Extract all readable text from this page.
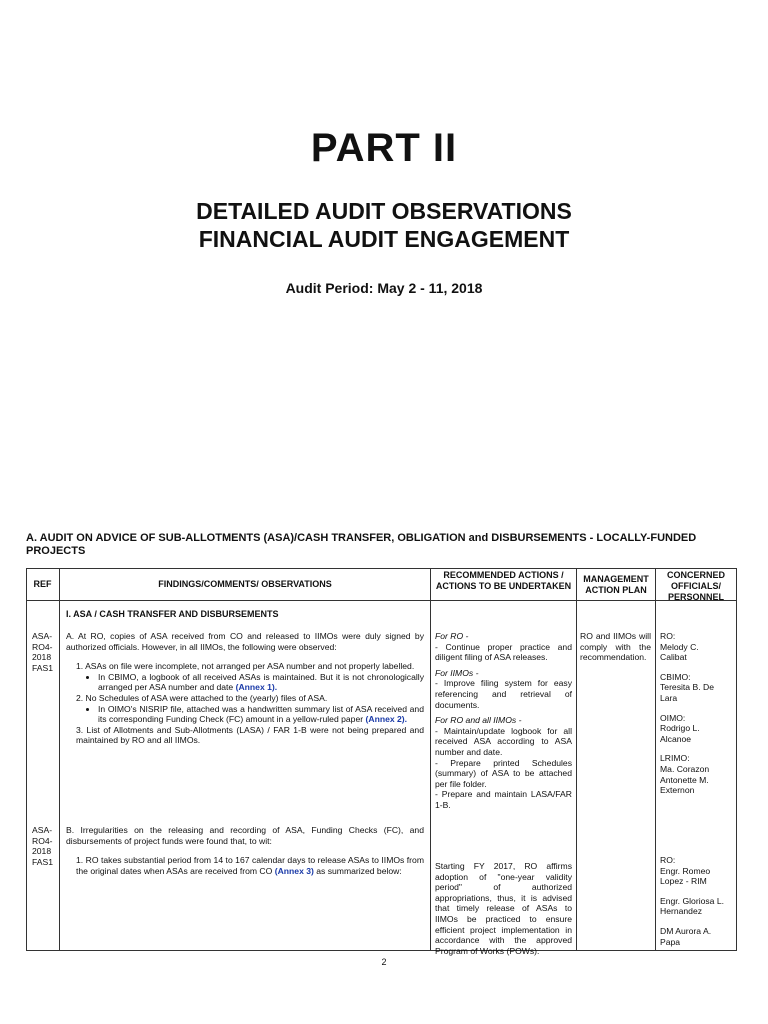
PART II
DETAILED AUDIT OBSERVATIONS
FINANCIAL AUDIT ENGAGEMENT
Audit Period: May 2 - 11, 2018
A. AUDIT ON ADVICE OF SUB-ALLOTMENTS (ASA)/CASH TRANSFER, OBLIGATION and DISBURSEMENTS - LOCALLY-FUNDED PROJECTS
REF	FINDINGS/COMMENTS/ OBSERVATIONS
RECOMMENDED ACTIONS / ACTIONS TO BE UNDERTAKEN
MANAGEMENT ACTION PLAN
CONCERNED OFFICIALS/ PERSONNEL
I. ASA / CASH TRANSFER AND DISBURSEMENTS
ASA-
RO4-
2018
FAS1
A. At RO, copies of ASA received from CO and released to IIMOs were duly signed by authorized officials. However, in all IIMOs, the following were observed:
1. ASAs on file were incomplete, not arranged per ASA number and not properly labelled.
• In CBIMO, a logbook of all received ASAs is maintained. But it is not chronologically arranged per ASA number and date (Annex 1).
2. No Schedules of ASA were attached to the (yearly) files of ASA.
• In OIMO's NISRIP file, attached was a handwritten summary list of ASA received and its corresponding Funding Check (FC) amount in a yellow-ruled paper (Annex 2).
3. List of Allotments and Sub-Allotments (LASA) / FAR 1-B were not being prepared and maintained by RO and all IIMOs.
For RO -
- Continue proper practice and diligent filing of ASA releases.
For IIMOs -
- Improve filing system for easy referencing and retrieval of documents.
For RO and all IIMOs -
- Maintain/update logbook for all received ASA according to ASA number and date.
- Prepare printed Schedules (summary) of ASA to be attached per file folder.
- Prepare and maintain LASA/FAR 1-B.
RO and IIMOs will comply with the recommendation.
RO:
Melody C.
Calibat
CBIMO:
Teresita B. De
Lara
OIMO:
Rodrigo L.
Alcanoe
LRIMO:
Ma. Corazon
Antonette M.
Externon
ASA-
RO4-
2018
FAS1
B. Irregularities on the releasing and recording of ASA, Funding Checks (FC), and disbursements of project funds were found that, to wit:
1. RO takes substantial period from 14 to 167 calendar days to release ASAs to IIMOs from the original dates when ASAs are received from CO (Annex 3) as summarized below:	Starting FY 2017, RO affirms adoption of "one-year validity period" of authorized appropriations, thus, it is advised that timely release of ASAs to IIMOs be practiced to ensure efficient project implementation in accordance with the approved Program of Works (POWs).
RO:
Engr. Romeo
Lopez - RIM
Engr. Gloriosa L.
Hernandez
DM Aurora A.
Papa
2
